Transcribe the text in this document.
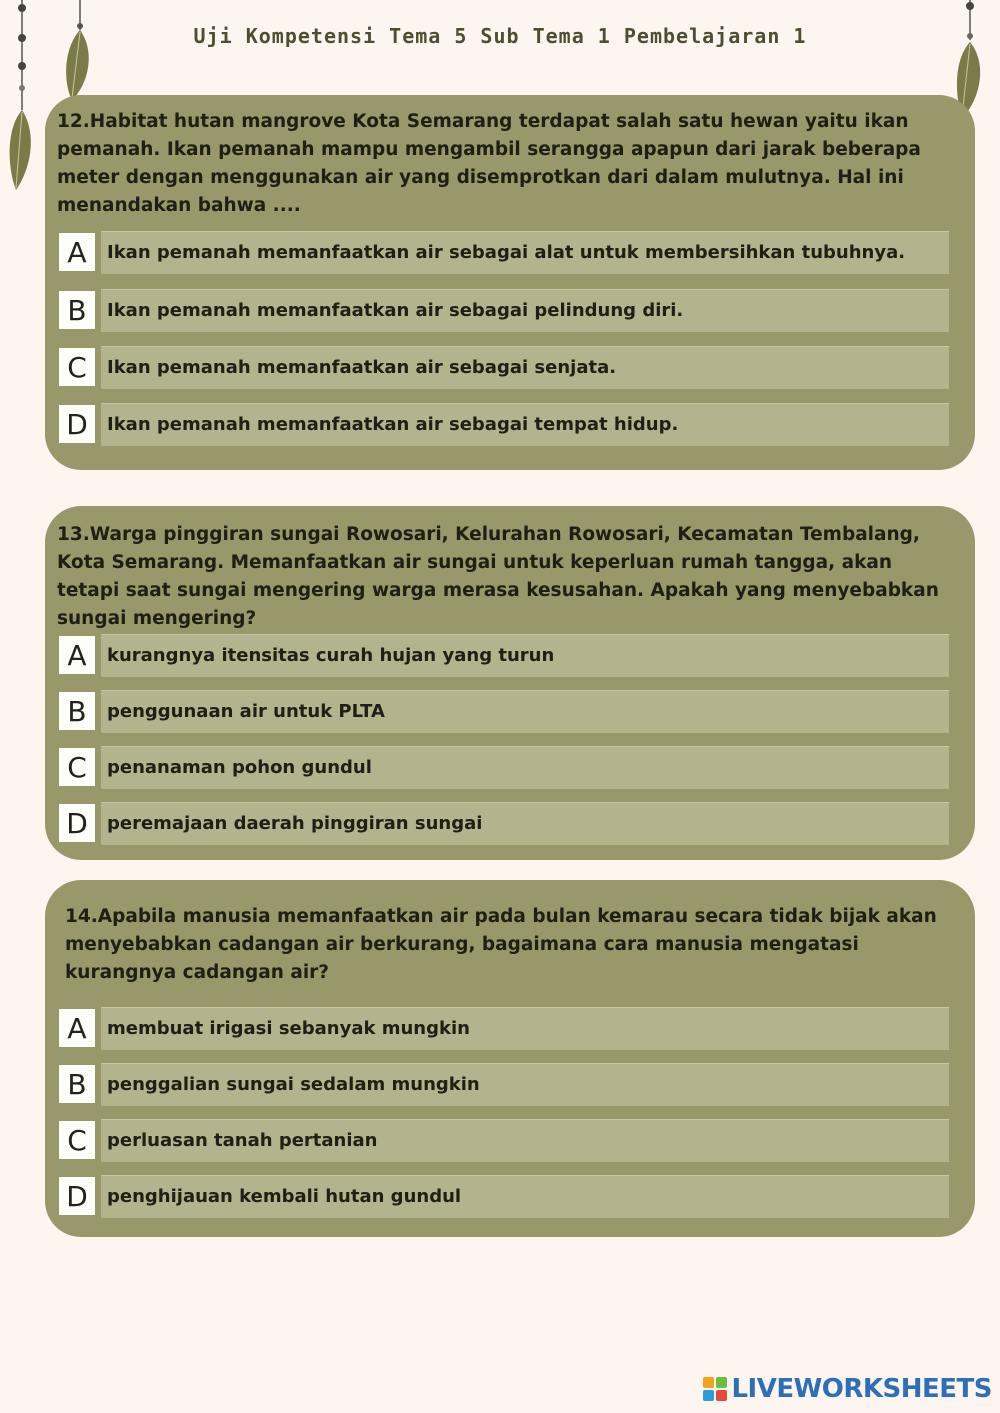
Uji Kompetensi Tema 5 Sub Tema 1 Pembelajaran 1
12.Habitat hutan mangrove Kota Semarang terdapat salah satu hewan yaitu ikan pemanah. Ikan pemanah mampu mengambil serangga apapun dari jarak beberapa meter dengan menggunakan air yang disemprotkan dari dalam mulutnya. Hal ini menandakan bahwa ....
A	Ikan pemanah memanfaatkan air sebagai alat untuk membersihkan tubuhnya.
B	Ikan pemanah memanfaatkan air sebagai pelindung diri.
C	Ikan pemanah memanfaatkan air sebagai senjata.
D	Ikan pemanah memanfaatkan air sebagai tempat hidup.
13.Warga pinggiran sungai Rowosari, Kelurahan Rowosari, Kecamatan Tembalang, Kota Semarang. Memanfaatkan air sungai untuk keperluan rumah tangga, akan tetapi saat sungai mengering warga merasa kesusahan. Apakah yang menyebabkan sungai mengering?
A	kurangnya itensitas curah hujan yang turun
B	penggunaan air untuk PLTA
C	penanaman pohon gundul
D	peremajaan daerah pinggiran sungai
14.Apabila manusia memanfaatkan air pada bulan kemarau secara tidak bijak akan menyebabkan cadangan air berkurang, bagaimana cara manusia mengatasi kurangnya cadangan air?
A	membuat irigasi sebanyak mungkin
B	penggalian sungai sedalam mungkin
C	perluasan tanah pertanian
D	penghijauan kembali hutan gundul
LIVEWORKSHEETS
